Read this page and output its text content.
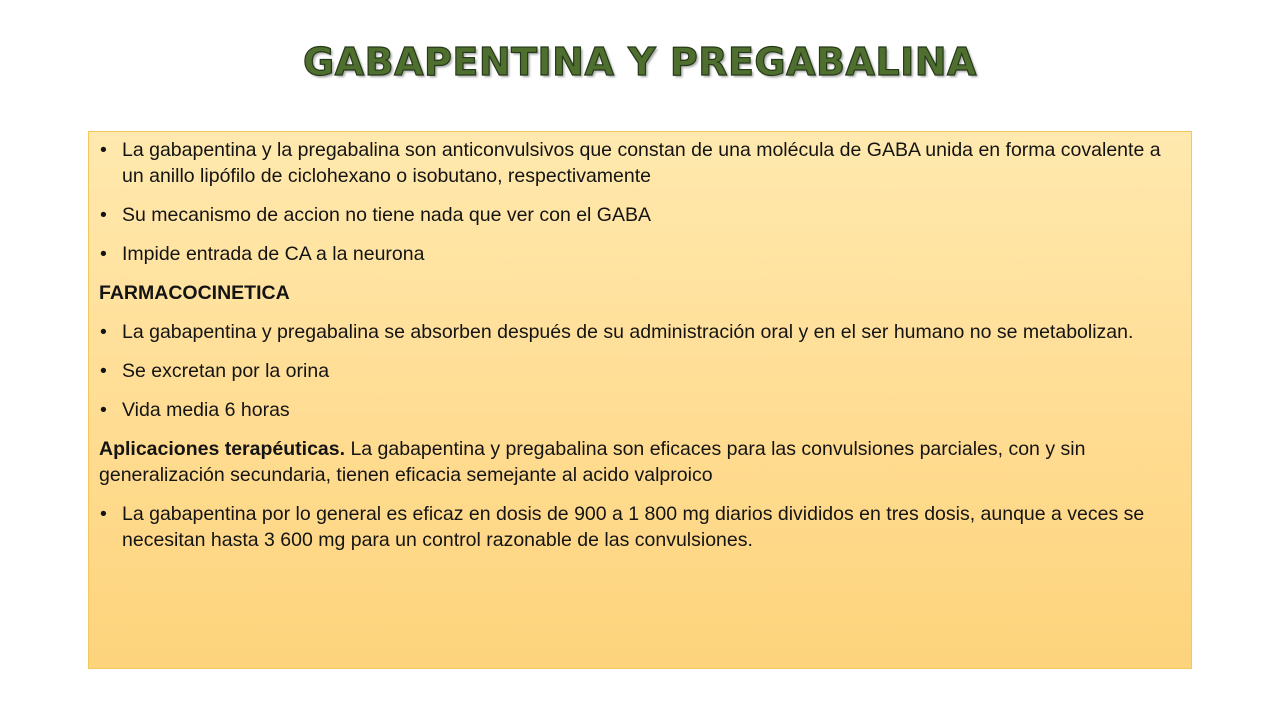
GABAPENTINA Y PREGABALINA
• La gabapentina y la pregabalina son anticonvulsivos que constan de una molécula de GABA unida en forma covalente a un anillo lipófilo de ciclohexano o isobutano, respectivamente
• Su mecanismo de accion no tiene nada que ver con el GABA
• Impide entrada de CA a la neurona
FARMACOCINETICA
• La gabapentina y pregabalina se absorben después de su administración oral y en el ser humano no se metabolizan.
• Se excretan por la orina
• Vida media 6 horas
Aplicaciones terapéuticas. La gabapentina y pregabalina son eficaces para las convulsiones parciales, con y sin generalización secundaria, tienen eficacia semejante al acido valproico
• La gabapentina por lo general es eficaz en dosis de 900 a 1 800 mg diarios divididos en tres dosis, aunque a veces se necesitan hasta 3 600 mg para un control razonable de las convulsiones.
